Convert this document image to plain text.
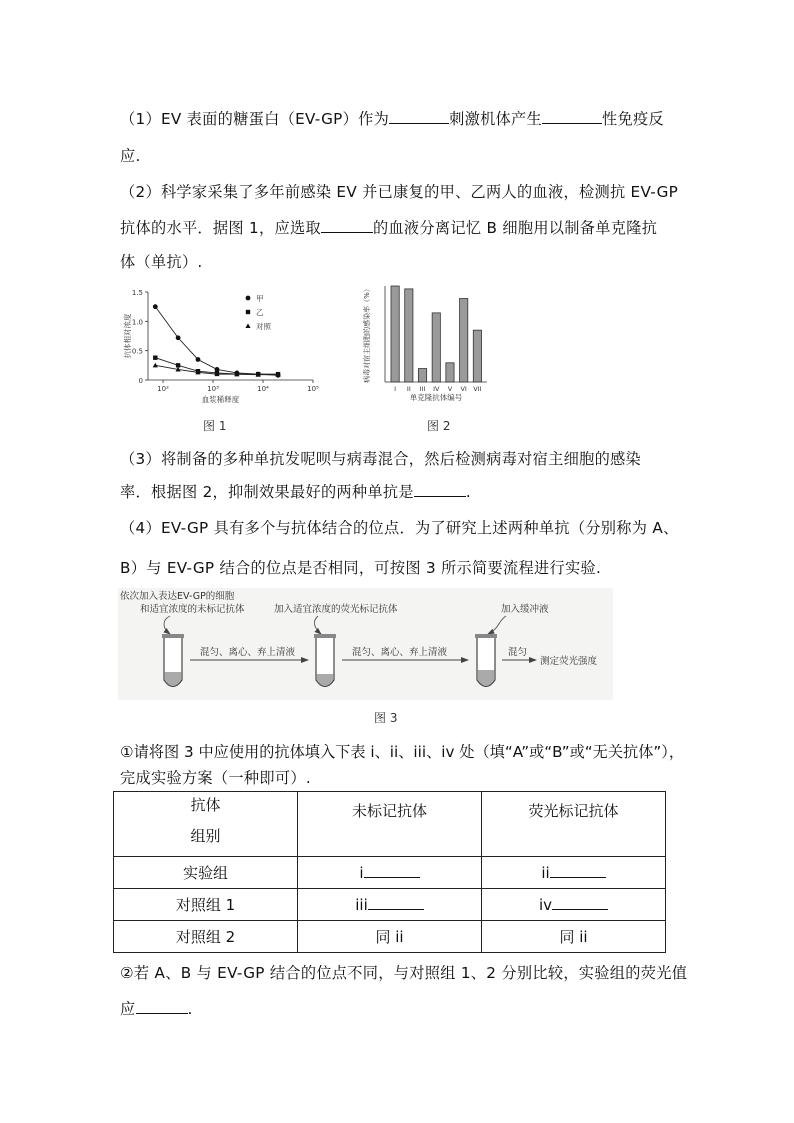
（1）EV 表面的糖蛋白（EV-GP）作为	刺激机体产生	性免疫反
应.
（2）科学家采集了多年前感染 EV 并已康复的甲、乙两人的血液，检测抗 EV-GP
抗体的水平．据图 1，应选取	的血液分离记忆 B 细胞用以制备单克隆抗
体（单抗）.
0
0.5
1.0
1.5
10²	10³	10⁴	10⁵
血浆稀释度
抗体相对浓度
甲
乙
对照
图 1
I II III IV V VI VII
单克隆抗体编号
病毒对宿主细胞的感染率（%）
图 2
（3）将制备的多种单抗发呢呗与病毒混合，然后检测病毒对宿主细胞的感染
率．根据图 2，抑制效果最好的两种单抗是	.
（4）EV-GP 具有多个与抗体结合的位点．为了研究上述两种单抗（分别称为 A、
B）与 EV-GP 结合的位点是否相同，可按图 3 所示简要流程进行实验.
依次加入表达EV-GP的细胞
和适宜浓度的未标记抗体	加入适宜浓度的荧光标记抗体	加入缓冲液
混匀、离心、弃上清液	混匀、离心、弃上清液	混匀
测定荧光强度
图 3
①请将图 3 中应使用的抗体填入下表 i、ii、iii、iv 处（填“A”或“B”或“无关抗体”），
完成实验方案（一种即可）.
抗体
组别	未标记抗体	荧光标记抗体
实验组	i	ii
对照组 1	iii	iv
对照组 2	同 ii	同 ii
②若 A、B 与 EV-GP 结合的位点不同，与对照组 1、2 分别比较，实验组的荧光值
应	.
